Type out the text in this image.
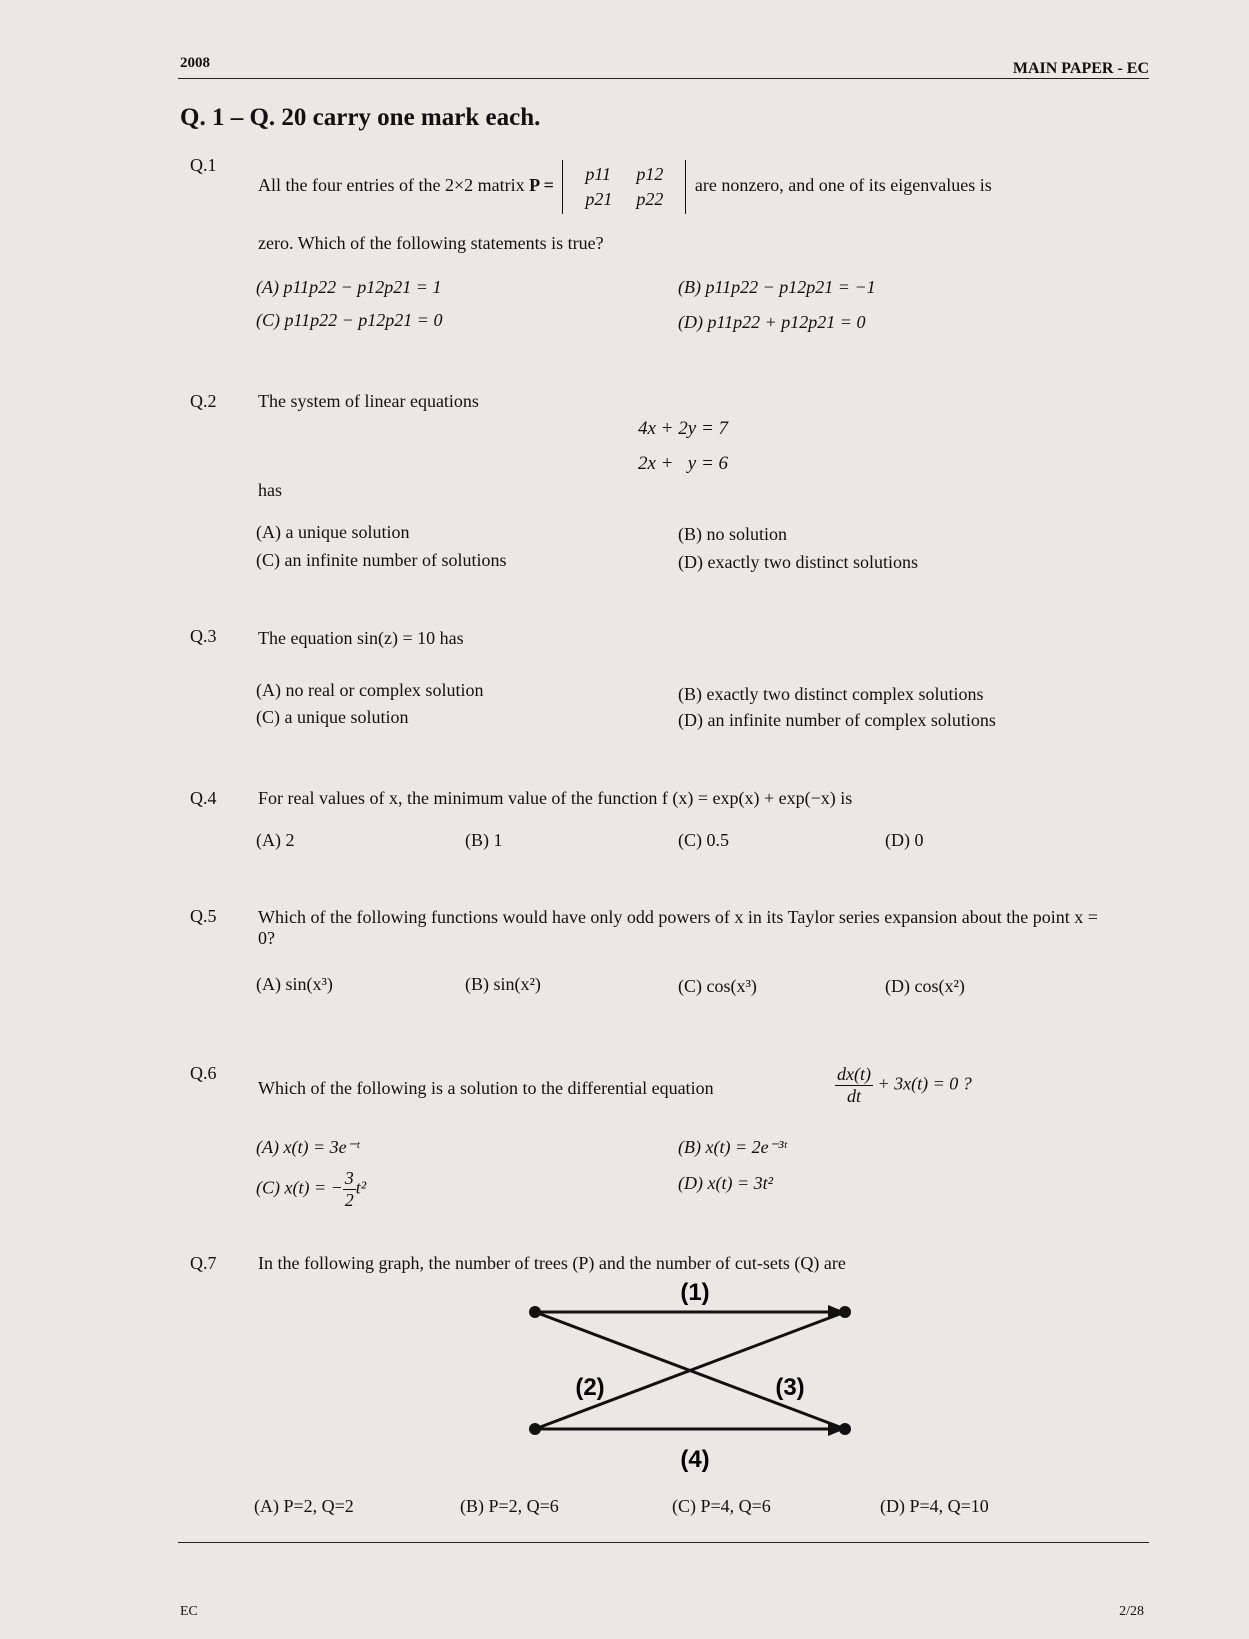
2008	MAIN PAPER - EC
Q. 1 – Q. 20 carry one mark each.
Q.1
All the four entries of the 2×2 matrix P =
p11	p12
p21	p22
are nonzero, and one of its eigenvalues is
zero. Which of the following statements is true?
(A) p11p22 − p12p21 = 1	(B) p11p22 − p12p21 = −1
(C) p11p22 − p12p21 = 0	(D) p11p22 + p12p21 = 0
Q.2 The system of linear equations
4x + 2y = 7
2x +   y = 6
has
(A) a unique solution	(B) no solution
(C) an infinite number of solutions	(D) exactly two distinct solutions
Q.3 The equation sin(z) = 10 has
(A) no real or complex solution	(B) exactly two distinct complex solutions
(C) a unique solution	(D) an infinite number of complex solutions
Q.4 For real values of x, the minimum value of the function f (x) = exp(x) + exp(−x) is
(A) 2	(B) 1	(C) 0.5	(D) 0
Q.5 Which of the following functions would have only odd powers of x in its Taylor series expansion about the point x = 0?
(A) sin(x³)	(B) sin(x²)	(C) cos(x³)	(D) cos(x²)
Q.6
Which of the following is a solution to the differential equation	$\frac{dx(t)}{dt} + 3x(t) = 0$ ?
(A) x(t) = 3e⁻ᵗ	(B) x(t) = 2e⁻³ᵗ
(C) x(t) = − $\frac{3}{2} t^2$	(D) x(t) = 3t²
Q.7 In the following graph, the number of trees (P) and the number of cut-sets (Q) are
(1)
(2)	(3)
(4)
(A) P=2, Q=2	(B) P=2, Q=6	(C) P=4, Q=6	(D) P=4, Q=10
EC	2/28
